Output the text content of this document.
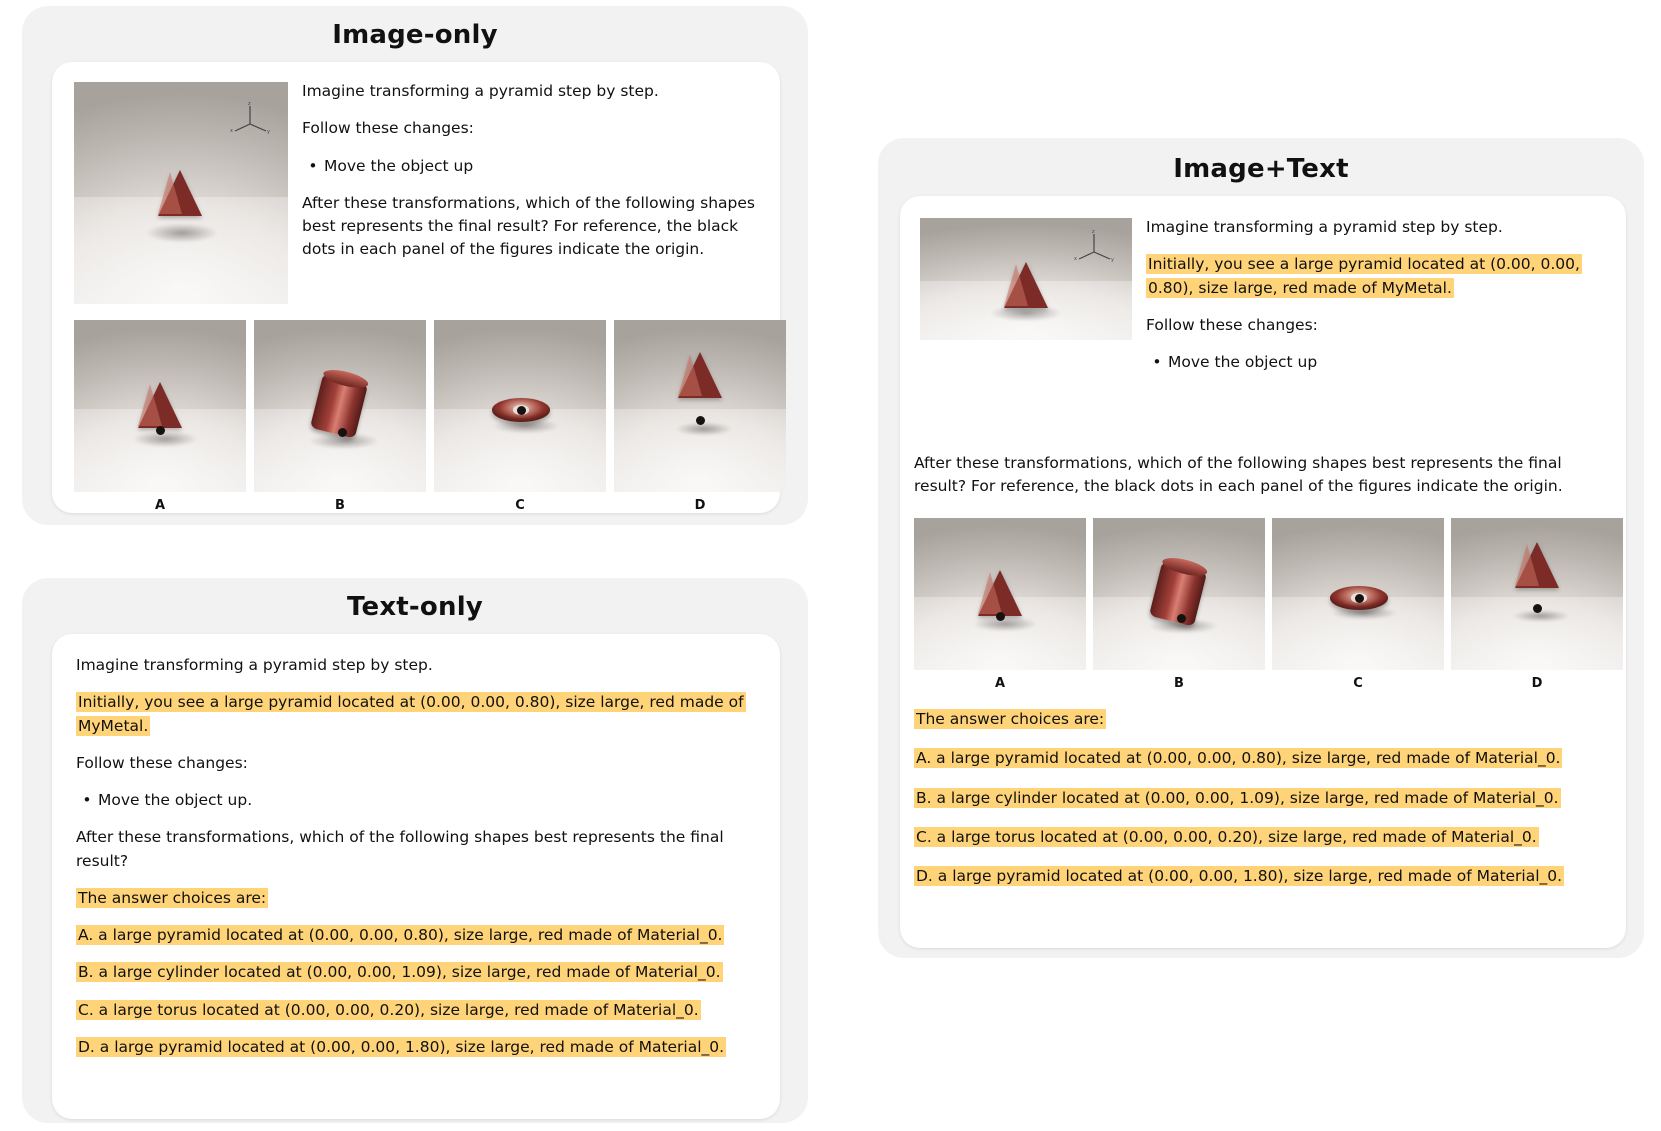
Image-only
z
x	y

Imagine transforming a pyramid step by step.

Follow these changes:

• Move the object up

After these transformations, which of the following shapes best represents the final result? For reference, the black dots in each panel of the figures indicate the origin.

A	B	C	D
Text-only

Imagine transforming a pyramid step by step.

Initially, you see a large pyramid located at (0.00, 0.00, 0.80), size large, red made of MyMetal.

Follow these changes:

• Move the object up.

After these transformations, which of the following shapes best represents the final result?

The answer choices are:

A. a large pyramid located at (0.00, 0.00, 0.80), size large, red made of Material_0.

B. a large cylinder located at (0.00, 0.00, 1.09), size large, red made of Material_0.

C. a large torus located at (0.00, 0.00, 0.20), size large, red made of Material_0.

D. a large pyramid located at (0.00, 0.00, 1.80), size large, red made of Material_0.

Image+Text
z
x	y

Imagine transforming a pyramid step by step.

Initially, you see a large pyramid located at (0.00, 0.00, 0.80), size large, red made of MyMetal.

Follow these changes:

• Move the object up

After these transformations, which of the following shapes best represents the final result? For reference, the black dots in each panel of the figures indicate the origin.

A	B	C	D

The answer choices are:

A. a large pyramid located at (0.00, 0.00, 0.80), size large, red made of Material_0.

B. a large cylinder located at (0.00, 0.00, 1.09), size large, red made of Material_0.

C. a large torus located at (0.00, 0.00, 0.20), size large, red made of Material_0.

D. a large pyramid located at (0.00, 0.00, 1.80), size large, red made of Material_0.
